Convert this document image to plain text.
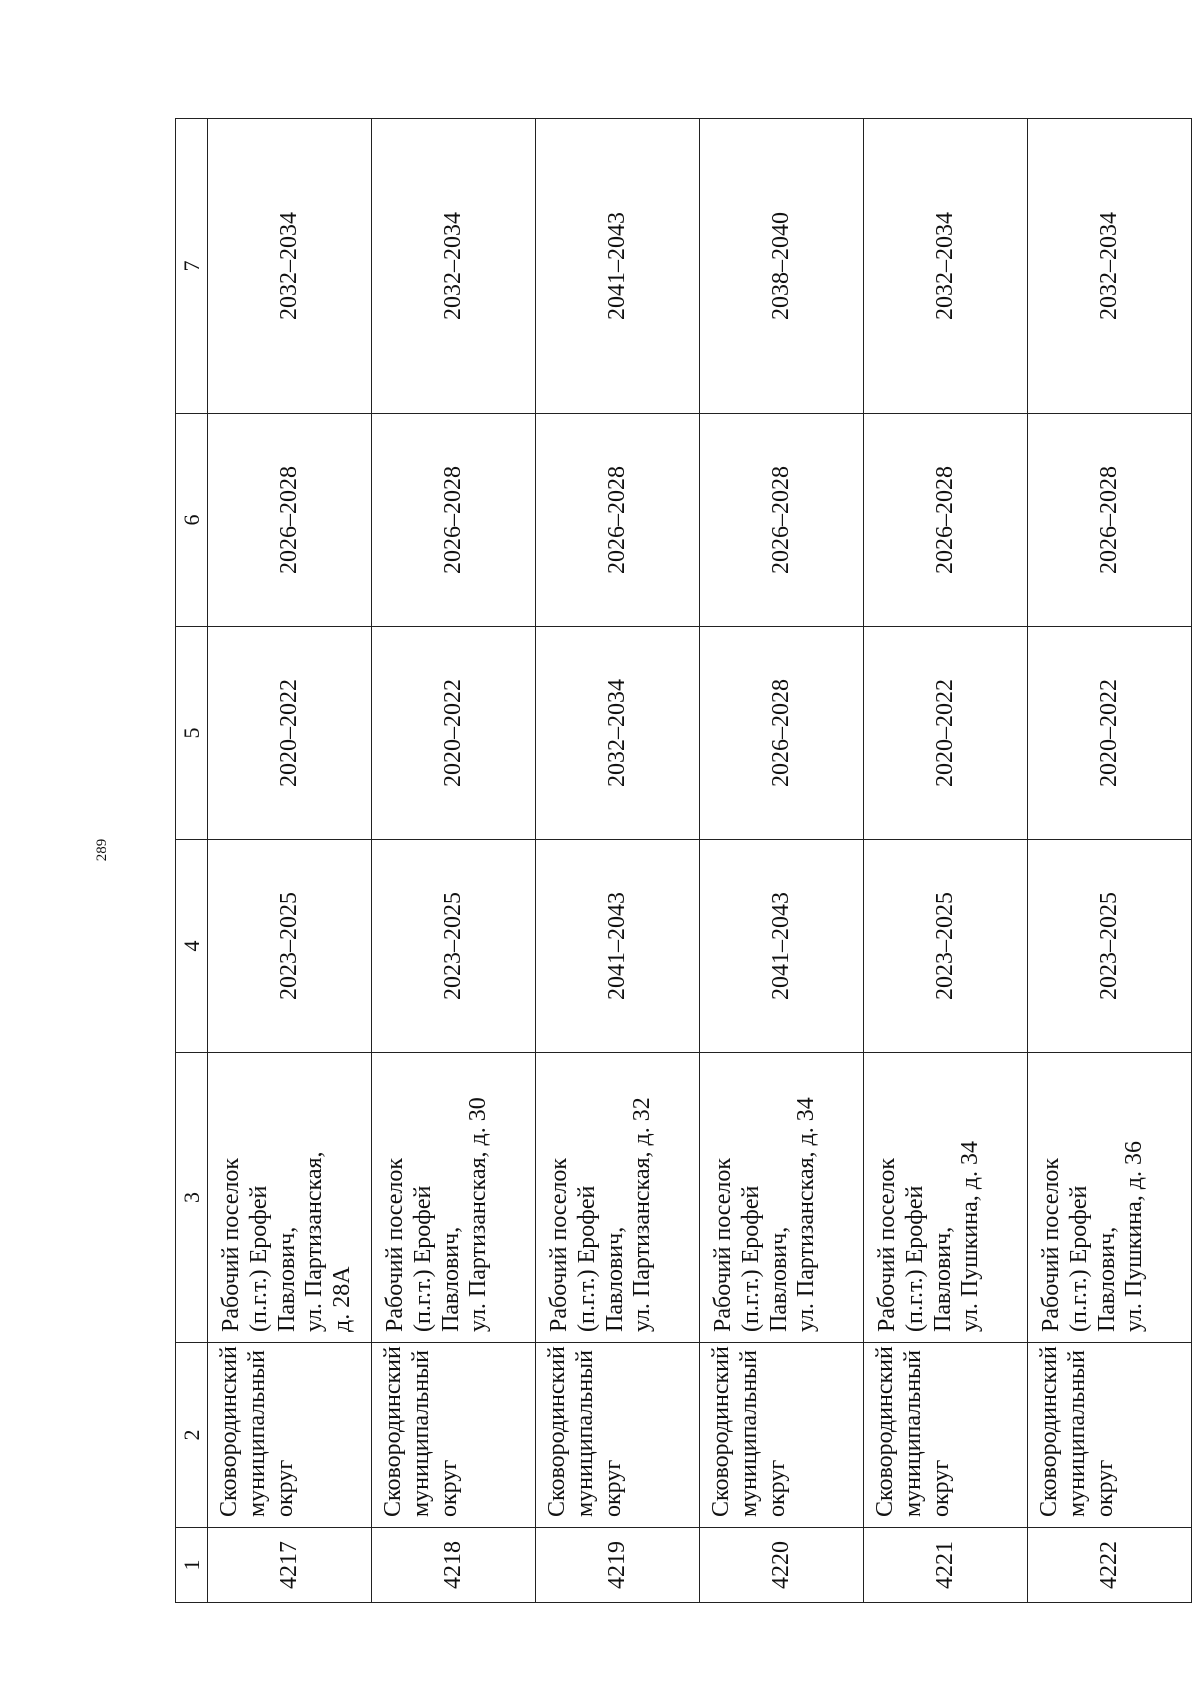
289
1	2	3	4	5	6	7
4217	Сковородинский муниципальный округ	Рабочий поселок (п.г.т.) Ерофей Павлович, ул. Партизанская, д. 28А	2023–2025	2020–2022	2026–2028	2032–2034
4218	Сковородинский муниципальный округ	Рабочий поселок (п.г.т.) Ерофей Павлович, ул. Партизанская, д. 30	2023–2025	2020–2022	2026–2028	2032–2034
4219	Сковородинский муниципальный округ	Рабочий поселок (п.г.т.) Ерофей Павлович, ул. Партизанская, д. 32	2041–2043	2032–2034	2026–2028	2041–2043
4220	Сковородинский муниципальный округ	Рабочий поселок (п.г.т.) Ерофей Павлович, ул. Партизанская, д. 34	2041–2043	2026–2028	2026–2028	2038–2040
4221	Сковородинский муниципальный округ	Рабочий поселок (п.г.т.) Ерофей Павлович, ул. Пушкина, д. 34	2023–2025	2020–2022	2026–2028	2032–2034
4222	Сковородинский муниципальный округ	Рабочий поселок (п.г.т.) Ерофей Павлович, ул. Пушкина, д. 36	2023–2025	2020–2022	2026–2028	2032–2034
